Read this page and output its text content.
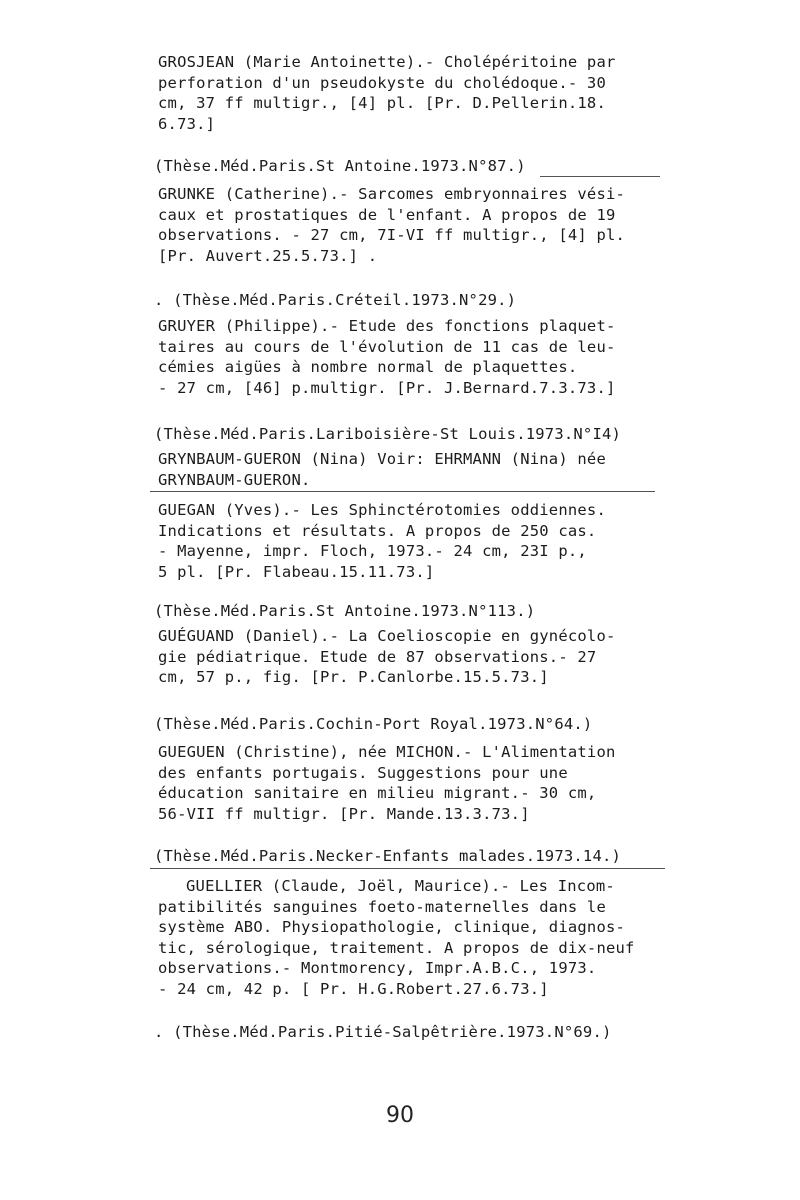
GROSJEAN (Marie Antoinette).- Cholépéritoine par
perforation d'un pseudokyste du cholédoque.- 30
cm, 37 ff multigr., [4] pl. [Pr. D.Pellerin.18.
6.73.]
(Thèse.Méd.Paris.St Antoine.1973.N°87.)
GRUNKE (Catherine).- Sarcomes embryonnaires vési-
caux et prostatiques de l'enfant. A propos de 19
observations. - 27 cm, 7I-VI ff multigr., [4] pl.
[Pr. Auvert.25.5.73.] .
. (Thèse.Méd.Paris.Créteil.1973.N°29.)
GRUYER (Philippe).- Etude des fonctions plaquet-
taires au cours de l'évolution de 11 cas de leu-
cémies aigües à nombre normal de plaquettes.
- 27 cm, [46] p.multigr. [Pr. J.Bernard.7.3.73.]
(Thèse.Méd.Paris.Lariboisière-St Louis.1973.N°I4)
GRYNBAUM-GUERON (Nina) Voir: EHRMANN (Nina) née
GRYNBAUM-GUERON.
GUEGAN (Yves).- Les Sphinctérotomies oddiennes.
Indications et résultats. A propos de 250 cas.
- Mayenne, impr. Floch, 1973.- 24 cm, 23I p.,
5 pl. [Pr. Flabeau.15.11.73.]
(Thèse.Méd.Paris.St Antoine.1973.N°113.)
GUÉGUAND (Daniel).- La Coelioscopie en gynécolo-
gie pédiatrique. Etude de 87 observations.- 27
cm, 57 p., fig. [Pr. P.Canlorbe.15.5.73.]
(Thèse.Méd.Paris.Cochin-Port Royal.1973.N°64.)
GUEGUEN (Christine), née MICHON.- L'Alimentation
des enfants portugais. Suggestions pour une
éducation sanitaire en milieu migrant.- 30 cm,
56-VII ff multigr. [Pr. Mande.13.3.73.]
(Thèse.Méd.Paris.Necker-Enfants malades.1973.14.)
GUELLIER (Claude, Joël, Maurice).- Les Incom-
patibilités sanguines foeto-maternelles dans le
système ABO. Physiopathologie, clinique, diagnos-
tic, sérologique, traitement. A propos de dix-neuf
observations.- Montmorency, Impr.A.B.C., 1973.
- 24 cm, 42 p. [ Pr. H.G.Robert.27.6.73.]
. (Thèse.Méd.Paris.Pitié-Salpêtrière.1973.N°69.)
90
